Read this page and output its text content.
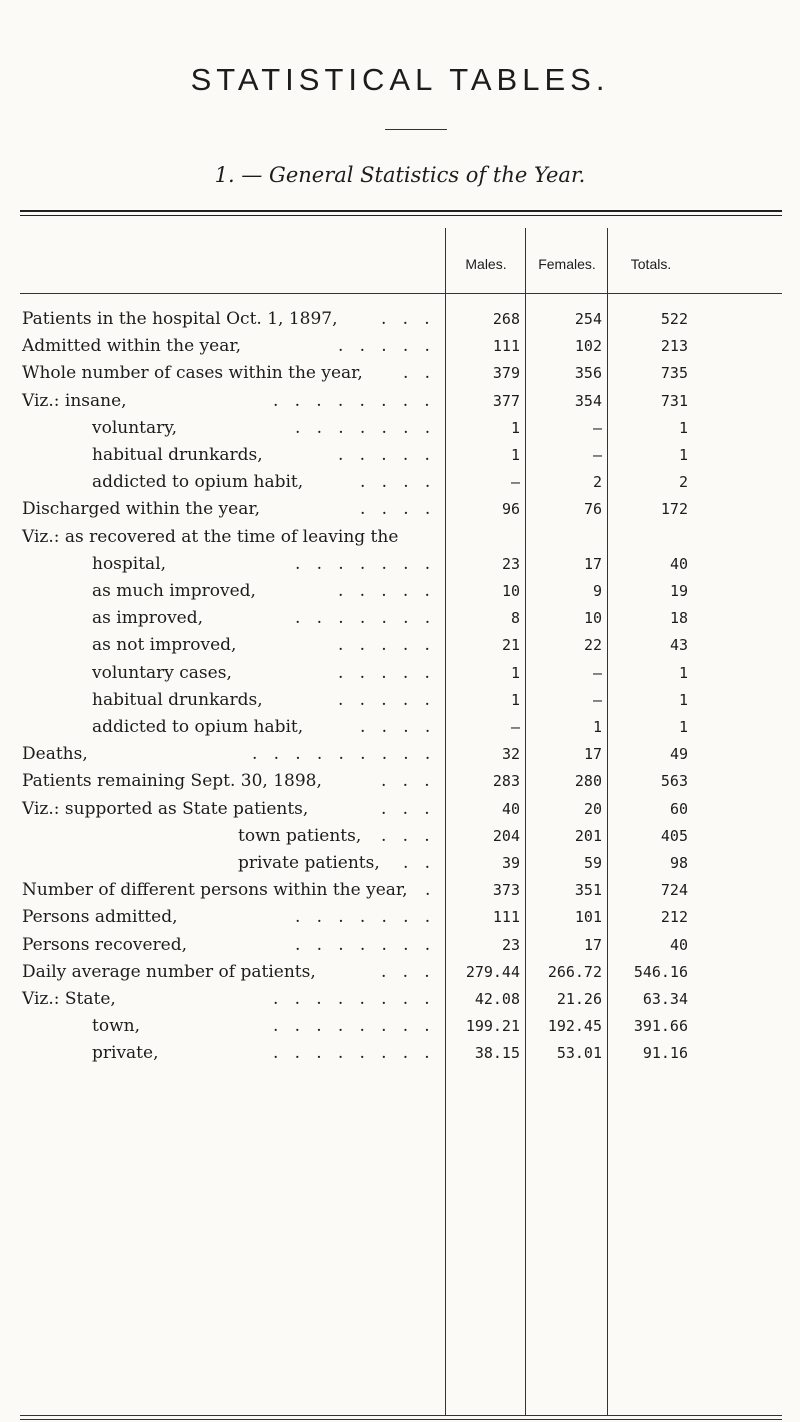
STATISTICAL TABLES.
1. — General Statistics of the Year.
Males.	Females.	Totals.
Patients in the hospital Oct. 1, 1897,	.   .   .	268	254	522
Admitted within the year,	.   .   .   .   .	111	102	213
Whole number of cases within the year, .   .	379	356	735
Viz.: insane,	.   .   .   .   .   .   .   .	377	354	731
voluntary,	.   .   .   .   .   .   .	1	–	1
habitual drunkards,	.   .   .   .   .	1	–	1
addicted to opium habit,	.   .   .   .	–	2	2
Discharged within the year,	.   .   .   .	96	76	172
Viz.: as recovered at the time of leaving the
hospital,	.   .   .   .   .   .   .	23	17	40
as much improved,	.   .   .   .   .	10	9	19
as improved,	.   .   .   .   .   .   .	8	10	18
as not improved,	.   .   .   .   .	21	22	43
voluntary cases,	.   .   .   .   .	1	–	1
habitual drunkards,	.   .   .   .   .	1	–	1
addicted to opium habit,	.   .   .   .	–	1	1
Deaths,	.   .   .   .   .   .   .   .   .	32	17	49
Patients remaining Sept. 30, 1898,	.   .   .	283	280	563
Viz.: supported as State patients,	.   .   .	40	20	60
town patients, .   .   .	204	201	405
private patients, .   .	39	59	98
Number of different persons within the year, .	373	351	724
Persons admitted,	.   .   .   .   .   .   .	111	101	212
Persons recovered,	.   .   .   .   .   .   .	23	17	40
Daily average number of patients,	.   .   .	279.44	266.72	546.16
Viz.: State,	.   .   .   .   .   .   .   .	42.08	21.26	63.34
town,	.   .   .   .   .   .   .   .	199.21	192.45	391.66
private,	.   .   .   .   .   .   .   .	38.15	53.01	91.16
